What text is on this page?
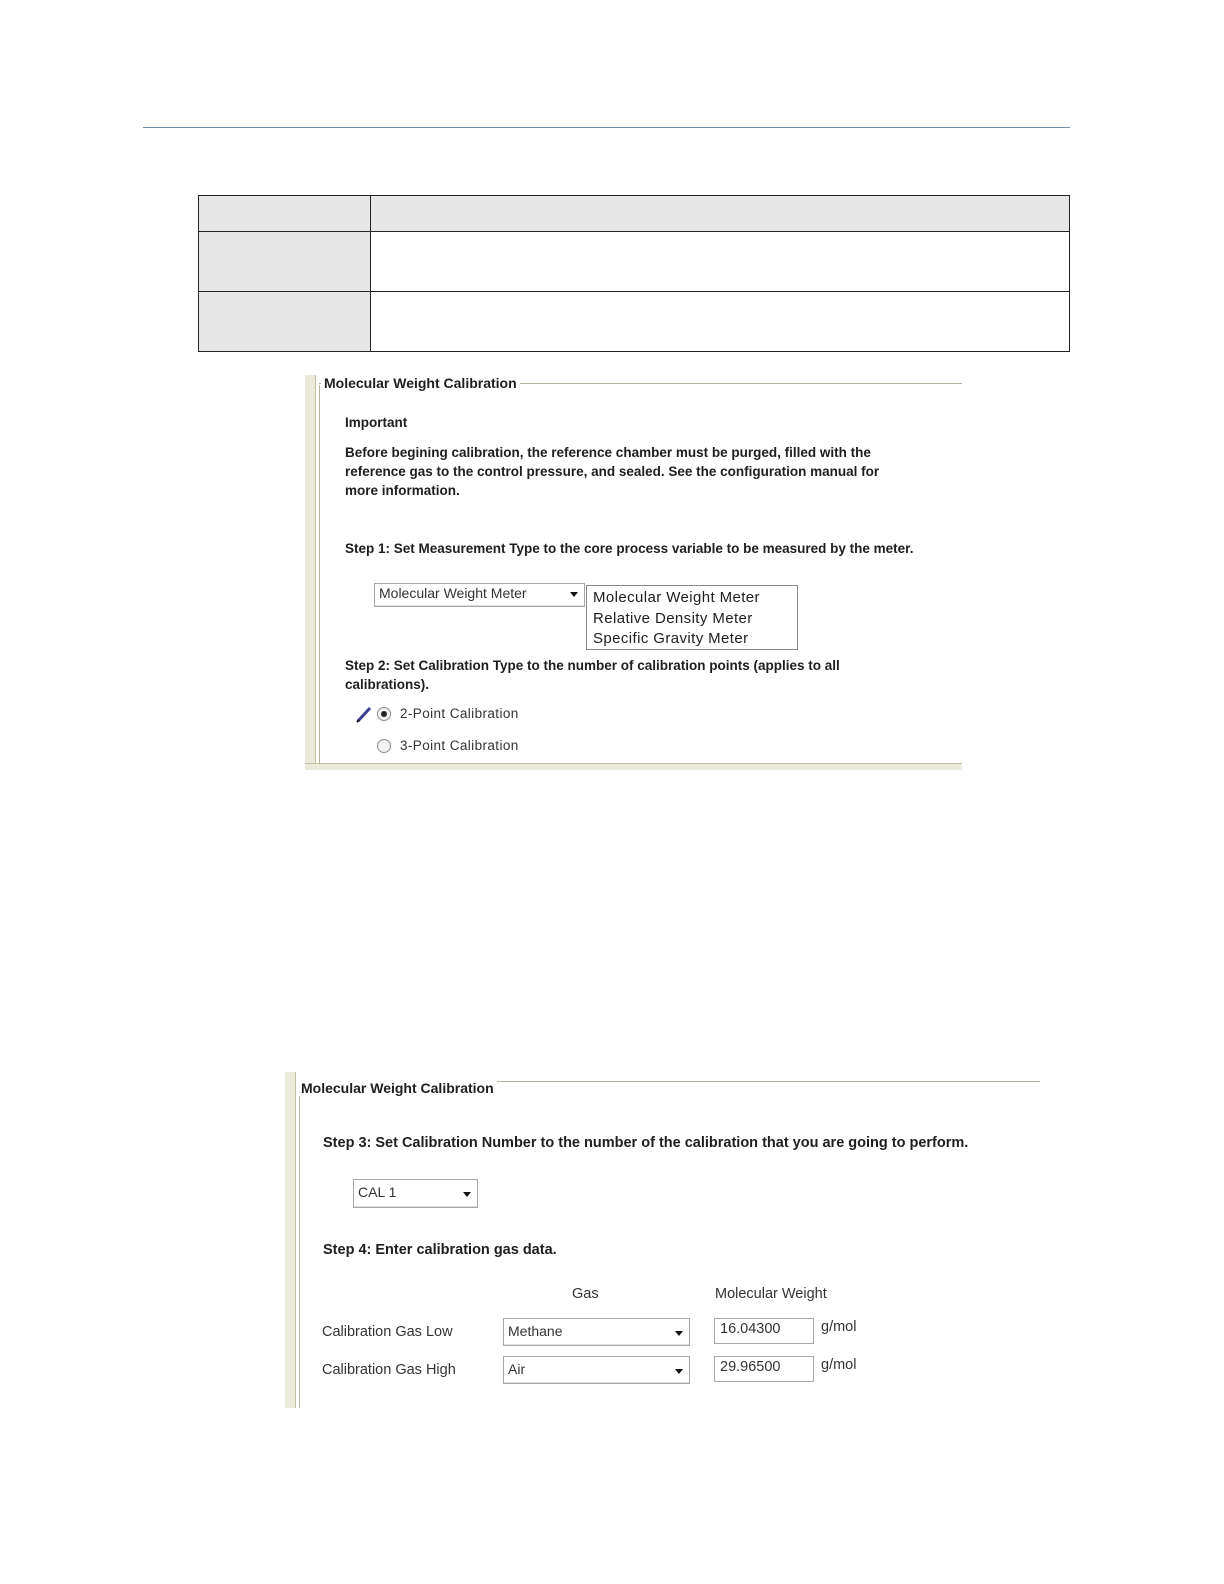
Molecular Weight Calibration
Important
Before begining calibration, the reference chamber must be purged, filled with the
reference gas to the control pressure, and sealed. See the configuration manual for
more information.
Step 1: Set Measurement Type to the core process variable to be measured by the meter.
Molecular Weight Meter	Molecular Weight Meter
Relative Density Meter
Specific Gravity Meter
Step 2: Set Calibration Type to the number of calibration points (applies to all
calibrations).
2-Point Calibration
3-Point Calibration
Molecular Weight Calibration
Step 3: Set Calibration Number to the number of the calibration that you are going to perform.
CAL 1
Step 4: Enter calibration gas data.
Gas	Molecular Weight
Calibration Gas Low	Methane	16.04300	g/mol
Calibration Gas High	Air	29.96500	g/mol
